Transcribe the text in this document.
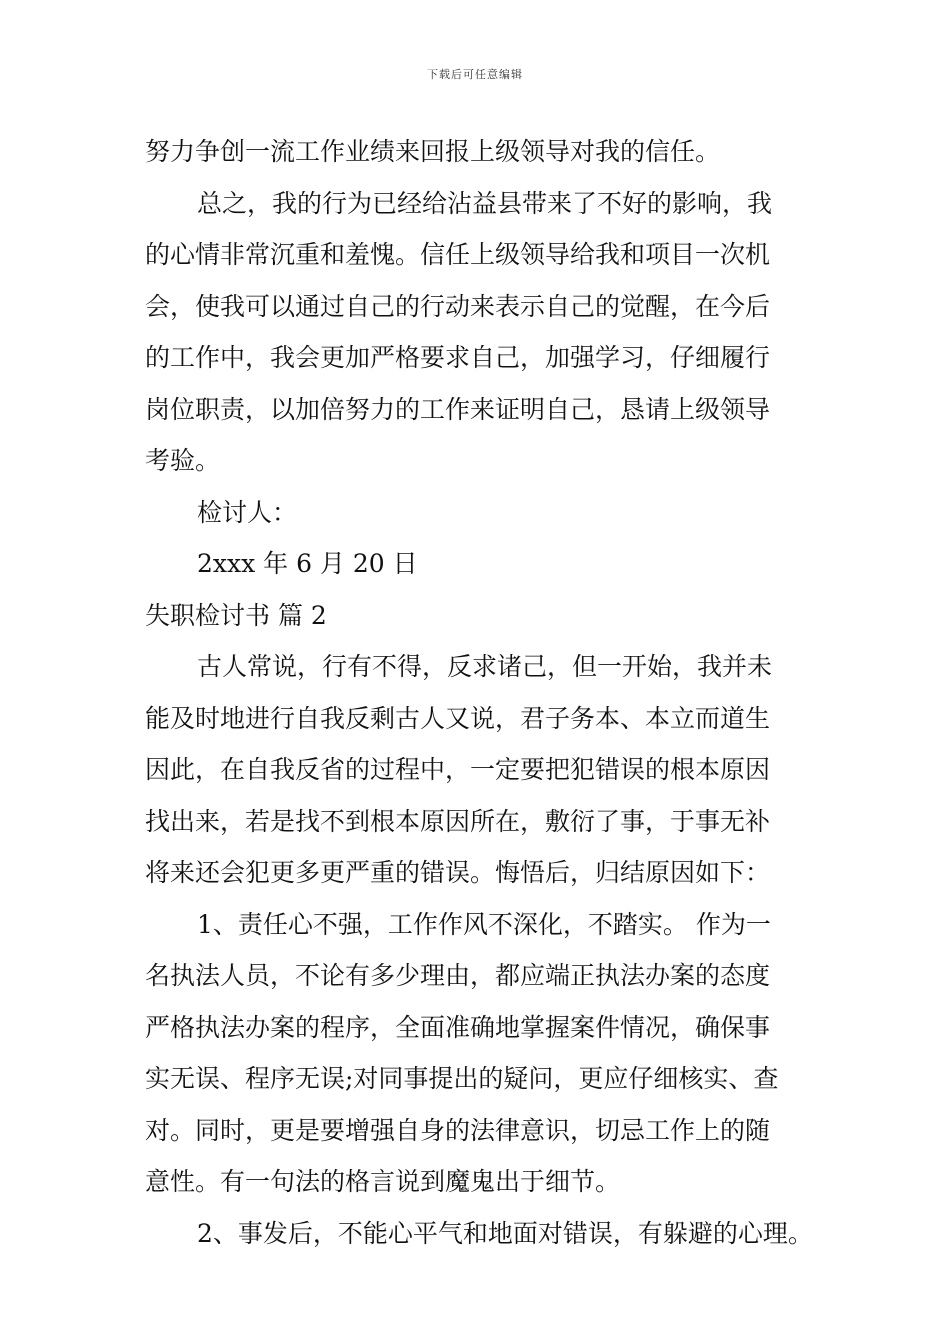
下载后可任意编辑
努力争创一流工作业绩来回报上级领导对我的信任。
总之，我的行为已经给沾益县带来了不好的影响，我
的心情非常沉重和羞愧。信任上级领导给我和项目一次机
会，使我可以通过自己的行动来表示自己的觉醒，在今后
的工作中，我会更加严格要求自己，加强学习，仔细履行
岗位职责，以加倍努力的工作来证明自己，恳请上级领导
考验。
检讨人：
2xxx 年 6 月 20 日
失职检讨书 篇 2
古人常说，行有不得，反求诸己，但一开始，我并未
能及时地进行自我反剩古人又说，君子务本、本立而道生
因此，在自我反省的过程中，一定要把犯错误的根本原因
找出来，若是找不到根本原因所在，敷衍了事，于事无补
将来还会犯更多更严重的错误。悔悟后，归结原因如下：
1、责任心不强，工作作风不深化，不踏实。 作为一
名执法人员，不论有多少理由，都应端正执法办案的态度
严格执法办案的程序，全面准确地掌握案件情况，确保事
实无误、程序无误;对同事提出的疑问，更应仔细核实、查
对。同时，更是要增强自身的法律意识，切忌工作上的随
意性。有一句法的格言说到魔鬼出于细节。
2、事发后，不能心平气和地面对错误，有躲避的心理。
